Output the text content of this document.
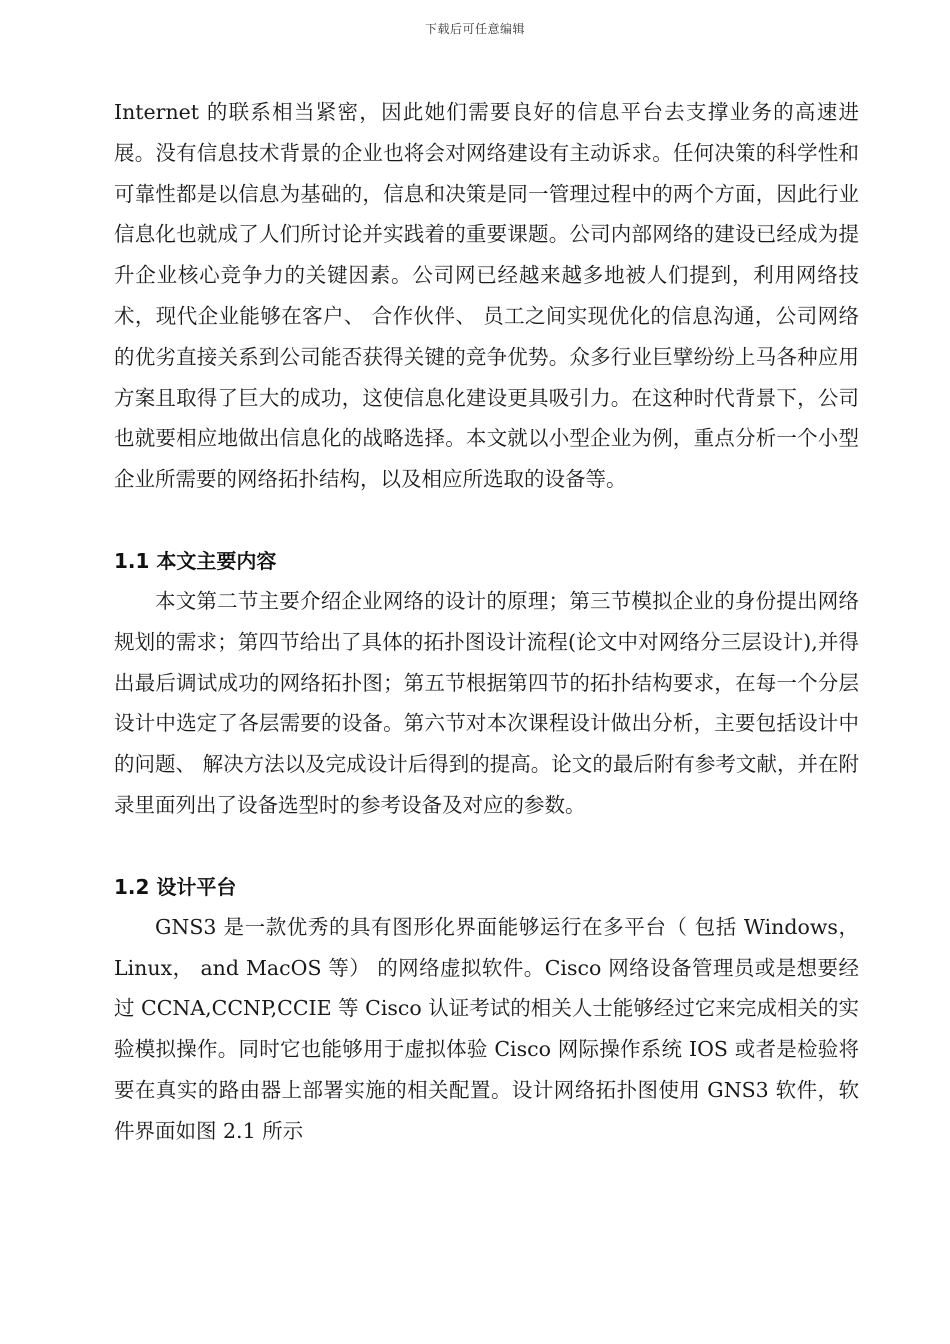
下载后可任意编辑

Internet 的联系相当紧密，因此她们需要良好的信息平台去支撑业务的高速进展。没有信息技术背景的企业也将会对网络建设有主动诉求。任何决策的科学性和可靠性都是以信息为基础的，信息和决策是同一管理过程中的两个方面，因此行业信息化也就成了人们所讨论并实践着的重要课题。公司内部网络的建设已经成为提升企业核心竞争力的关键因素。公司网已经越来越多地被人们提到，利用网络技术，现代企业能够在客户、 合作伙伴、 员工之间实现优化的信息沟通，公司网络的优劣直接关系到公司能否获得关键的竞争优势。众多行业巨擘纷纷上马各种应用方案且取得了巨大的成功，这使信息化建设更具吸引力。在这种时代背景下，公司也就要相应地做出信息化的战略选择。本文就以小型企业为例，重点分析一个小型企业所需要的网络拓扑结构，以及相应所选取的设备等。

1.1 本文主要内容

本文第二节主要介绍企业网络的设计的原理；第三节模拟企业的身份提出网络规划的需求；第四节给出了具体的拓扑图设计流程(论文中对网络分三层设计),并得出最后调试成功的网络拓扑图；第五节根据第四节的拓扑结构要求，在每一个分层设计中选定了各层需要的设备。第六节对本次课程设计做出分析，主要包括设计中的问题、 解决方法以及完成设计后得到的提高。论文的最后附有参考文献，并在附录里面列出了设备选型时的参考设备及对应的参数。

1.2 设计平台

GNS3 是一款优秀的具有图形化界面能够运行在多平台（ 包括 Windows， Linux， and MacOS 等） 的网络虚拟软件。Cisco 网络设备管理员或是想要经过 CCNA,CCNP,CCIE 等 Cisco 认证考试的相关人士能够经过它来完成相关的实验模拟操作。同时它也能够用于虚拟体验 Cisco 网际操作系统 IOS 或者是检验将要在真实的路由器上部署实施的相关配置。设计网络拓扑图使用 GNS3 软件，软件界面如图 2.1 所示
